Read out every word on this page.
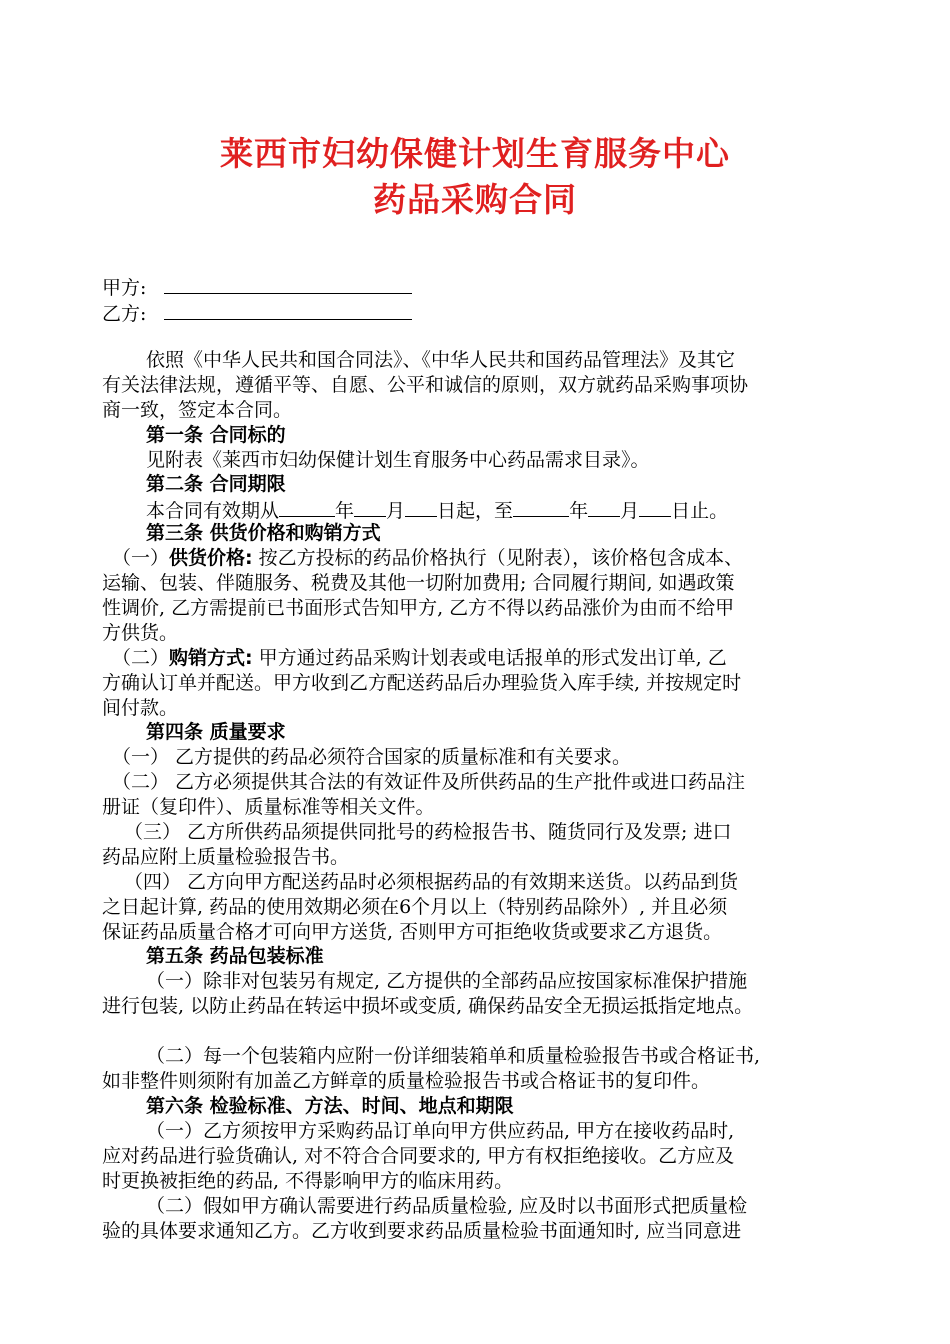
莱西市妇幼保健计划生育服务中心
药品采购合同
甲方:
乙方:
依照《中华人民共和国合同法》、《中华人民共和国药品管理法》及其它
有关法律法规，遵循平等、自愿、公平和诚信的原则，双方就药品采购事项协
商一致，签定本合同。
第一条 合同标的
见附表《莱西市妇幼保健计划生育服务中心药品需求目录》。
第二条 合同期限
本合同有效期从	年 月 日起，至	年 月 日止。
第三条 供货价格和购销方式
（一）供货价格: 按乙方投标的药品价格执行（见附表），该价格包含成本、
运输、包装、伴随服务、税费及其他一切附加费用; 合同履行期间, 如遇政策
性调价, 乙方需提前已书面形式告知甲方, 乙方不得以药品涨价为由而不给甲
方供货。
（二）购销方式: 甲方通过药品采购计划表或电话报单的形式发出订单, 乙
方确认订单并配送。甲方收到乙方配送药品后办理验货入库手续, 并按规定时
间付款。
第四条 质量要求
（一） 乙方提供的药品必须符合国家的质量标准和有关要求。
（二） 乙方必须提供其合法的有效证件及所供药品的生产批件或进口药品注
册证（复印件）、质量标准等相关文件。
（三） 乙方所供药品须提供同批号的药检报告书、随货同行及发票; 进口
药品应附上质量检验报告书。
（四） 乙方向甲方配送药品时必须根据药品的有效期来送货。以药品到货
之日起计算, 药品的使用效期必须在6个月以上（特别药品除外）, 并且必须
保证药品质量合格才可向甲方送货, 否则甲方可拒绝收货或要求乙方退货。
第五条 药品包装标准
（一）除非对包装另有规定, 乙方提供的全部药品应按国家标准保护措施
进行包装, 以防止药品在转运中损坏或变质, 确保药品安全无损运抵指定地点。
（二）每一个包装箱内应附一份详细装箱单和质量检验报告书或合格证书,
如非整件则须附有加盖乙方鲜章的质量检验报告书或合格证书的复印件。
第六条 检验标准、方法、时间、地点和期限
（一）乙方须按甲方采购药品订单向甲方供应药品, 甲方在接收药品时,
应对药品进行验货确认, 对不符合合同要求的, 甲方有权拒绝接收。乙方应及
时更换被拒绝的药品, 不得影响甲方的临床用药。
（二）假如甲方确认需要进行药品质量检验, 应及时以书面形式把质量检
验的具体要求通知乙方。乙方收到要求药品质量检验书面通知时, 应当同意进
